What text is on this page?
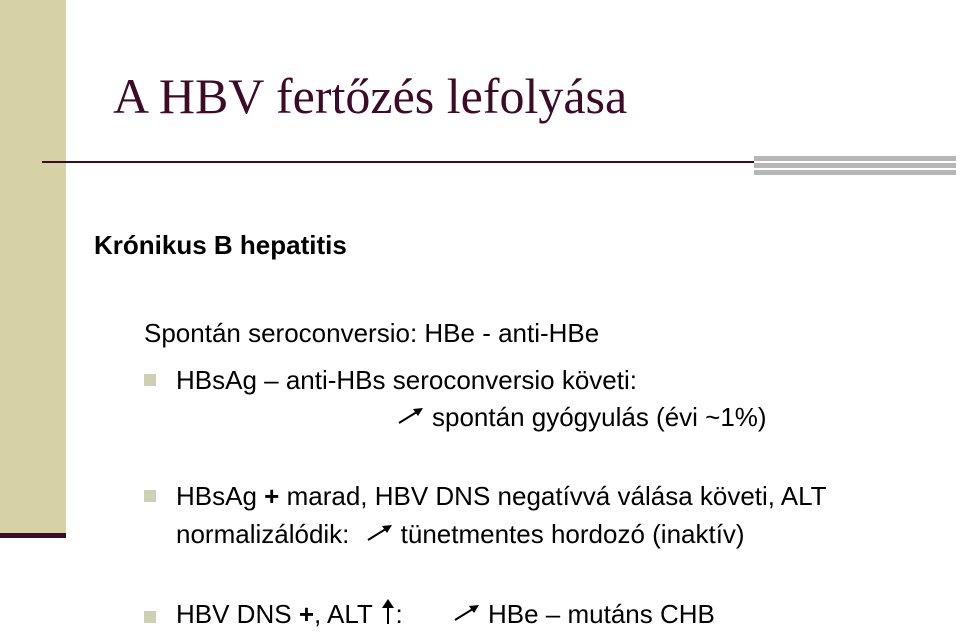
A HBV fertőzés lefolyása
Krónikus B hepatitis
Spontán seroconversio: HBe - anti-HBe
HBsAg – anti-HBs seroconversio követi:
spontán gyógyulás (évi ~1%)
HBsAg + marad, HBV DNS negatívvá válása követi, ALT
normalizálódik: tünetmentes hordozó (inaktív)
HBV DNS +, ALT :	HBe – mutáns CHB
